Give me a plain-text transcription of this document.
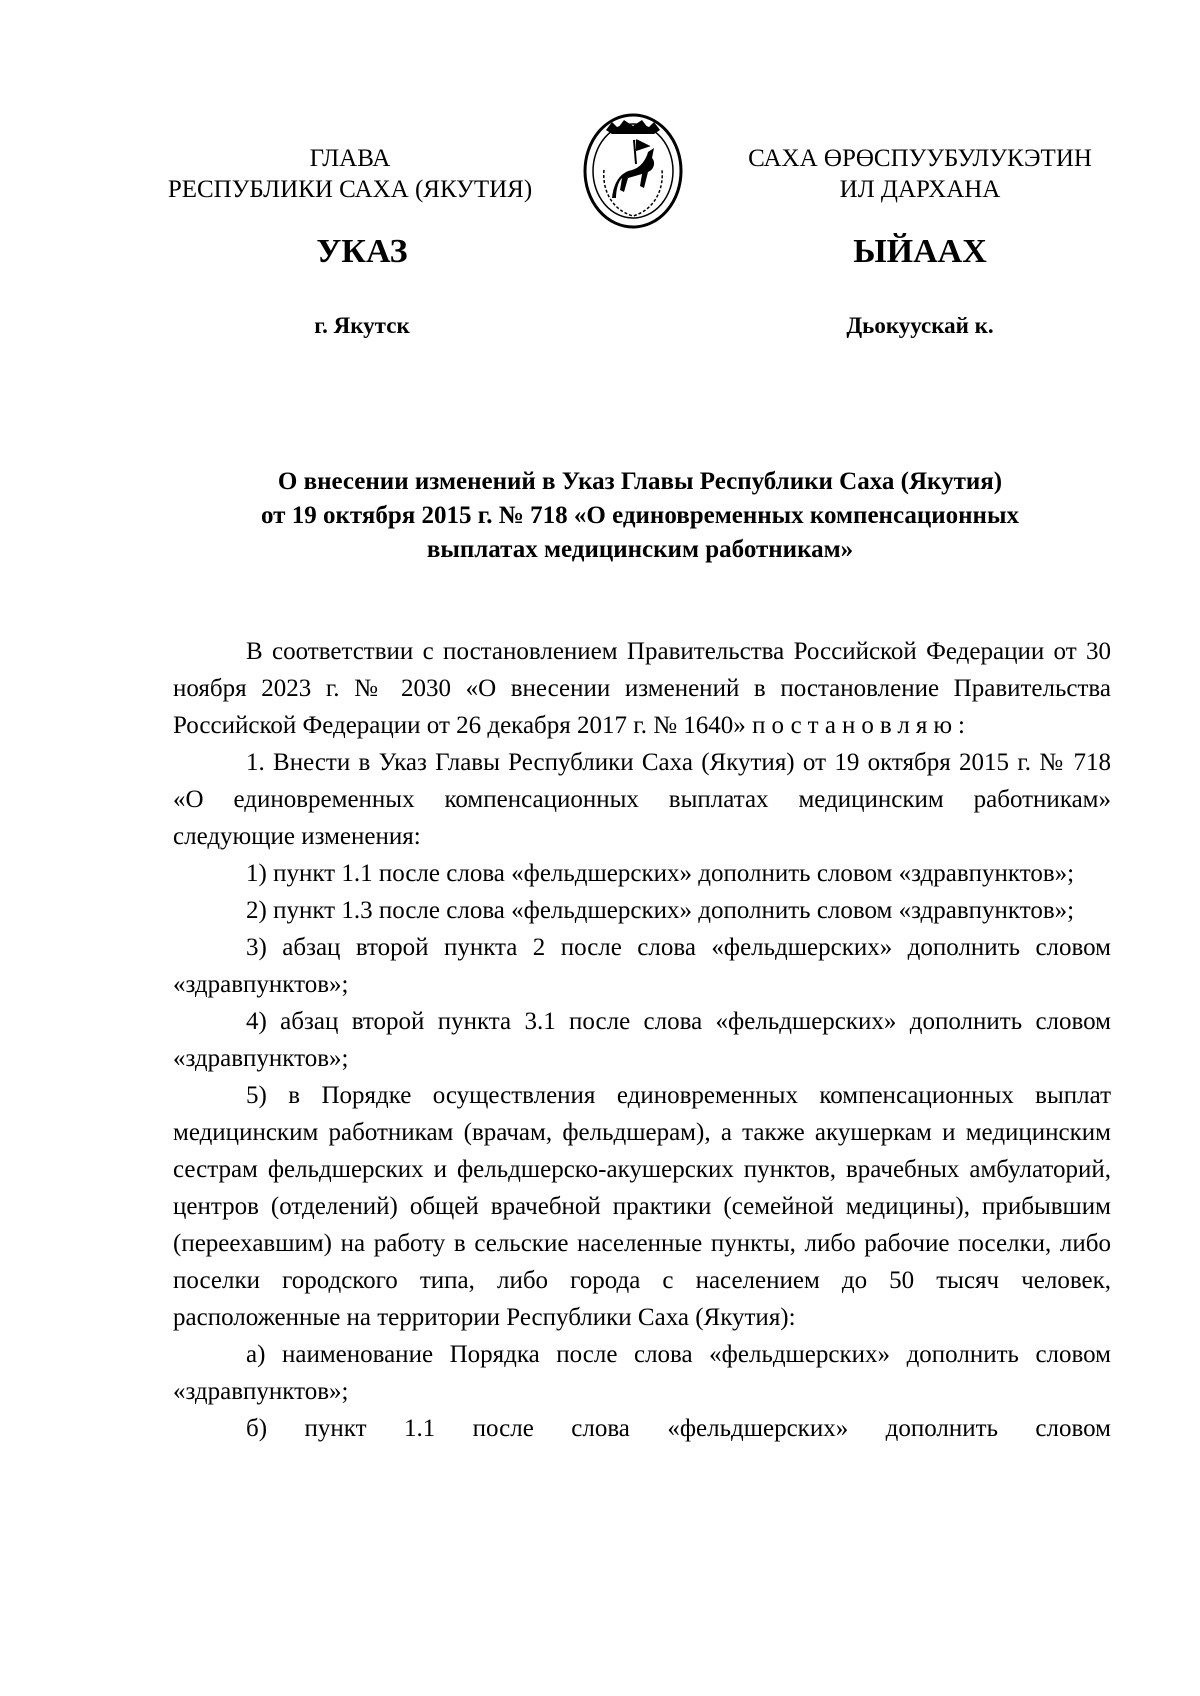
ГЛАВА
РЕСПУБЛИКИ САХА (ЯКУТИЯ)
САХА ӨРӨСПУУБУЛУКЭТИН
ИЛ ДАРХАНА
УКАЗ	ЫЙААХ
г. Якутск	Дьокуускай к.
О внесении изменений в Указ Главы Республики Саха (Якутия)
от 19 октября 2015 г. № 718 «О единовременных компенсационных
выплатах медицинским работникам»

В соответствии с постановлением Правительства Российской Федерации от 30 ноября 2023 г. № 2030 «О внесении изменений в постановление Правительства Российской Федерации от 26 декабря 2017 г. № 1640» постановляю:

1. Внести в Указ Главы Республики Саха (Якутия) от 19 октября 2015 г. № 718 «О единовременных компенсационных выплатах медицинским работникам» следующие изменения:

1) пункт 1.1 после слова «фельдшерских» дополнить словом «здравпунктов»;

2) пункт 1.3 после слова «фельдшерских» дополнить словом «здравпунктов»;

3) абзац второй пункта 2 после слова «фельдшерских» дополнить словом «здравпунктов»;

4) абзац второй пункта 3.1 после слова «фельдшерских» дополнить словом «здравпунктов»;

5) в Порядке осуществления единовременных компенсационных выплат медицинским работникам (врачам, фельдшерам), а также акушеркам и медицинским сестрам фельдшерских и фельдшерско-акушерских пунктов, врачебных амбулаторий, центров (отделений) общей врачебной практики (семейной медицины), прибывшим (переехавшим) на работу в сельские населенные пункты, либо рабочие поселки, либо поселки городского типа, либо города с населением до 50 тысяч человек, расположенные на территории Республики Саха (Якутия):

а) наименование Порядка после слова «фельдшерских» дополнить словом «здравпунктов»;

б) пункт 1.1 после слова «фельдшерских» дополнить словом
